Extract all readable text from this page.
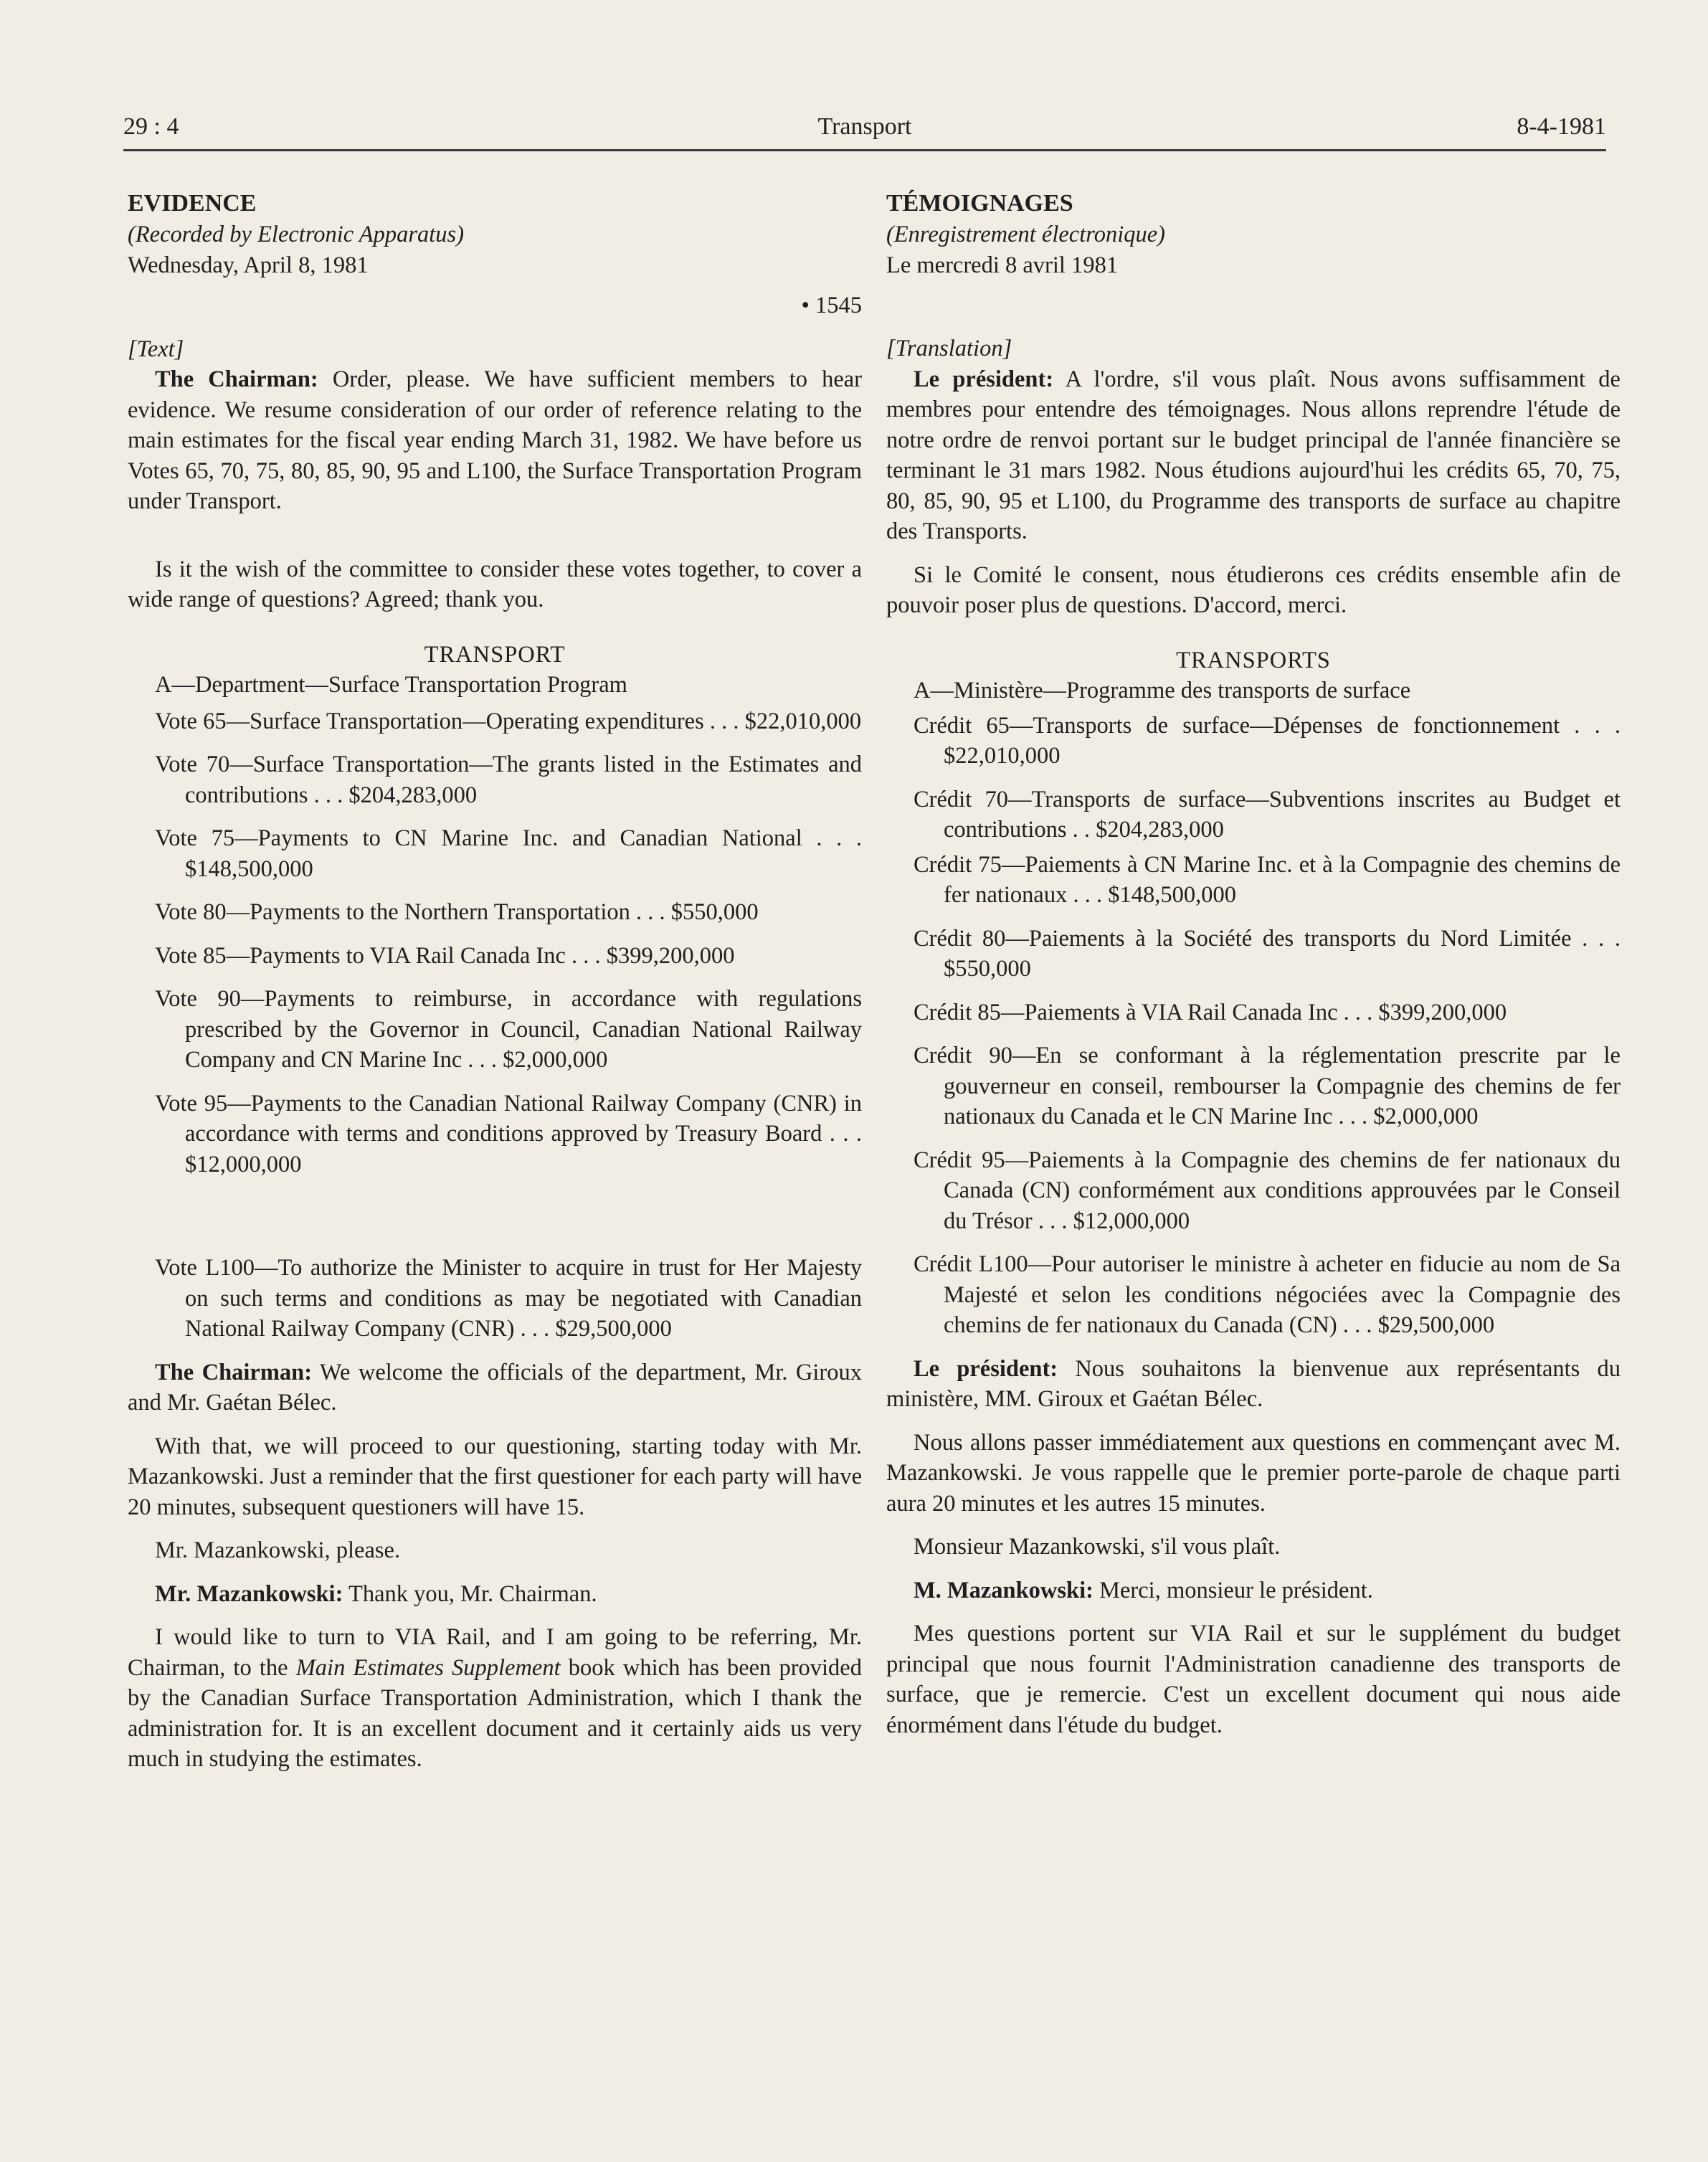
29 : 4	Transport	8-4-1981

EVIDENCE

(Recorded by Electronic Apparatus)

Wednesday, April 8, 1981

• 1545

[Text]

The Chairman: Order, please. We have sufficient members to hear evidence. We resume consideration of our order of reference relating to the main estimates for the fiscal year ending March 31, 1982. We have before us Votes 65, 70, 75, 80, 85, 90, 95 and L100, the Surface Transportation Program under Transport.

Is it the wish of the committee to consider these votes together, to cover a wide range of questions? Agreed; thank you.

TRANSPORT

A—Department—Surface Transportation Program

Vote 65—Surface Transportation—Operating expenditures . . . $22,010,000

Vote 70—Surface Transportation—The grants listed in the Estimates and contributions . . . $204,283,000

Vote 75—Payments to CN Marine Inc. and Canadian National . . . $148,500,000

Vote 80—Payments to the Northern Transportation . . . $550,000

Vote 85—Payments to VIA Rail Canada Inc . . . $399,200,000

Vote 90—Payments to reimburse, in accordance with regulations prescribed by the Governor in Council, Canadian National Railway Company and CN Marine Inc . . . $2,000,000

Vote 95—Payments to the Canadian National Railway Company (CNR) in accordance with terms and conditions approved by Treasury Board . . . $12,000,000

Vote L100—To authorize the Minister to acquire in trust for Her Majesty on such terms and conditions as may be negotiated with Canadian National Railway Company (CNR) . . . $29,500,000

The Chairman: We welcome the officials of the department, Mr. Giroux and Mr. Gaétan Bélec.

With that, we will proceed to our questioning, starting today with Mr. Mazankowski. Just a reminder that the first questioner for each party will have 20 minutes, subsequent questioners will have 15.

Mr. Mazankowski, please.

Mr. Mazankowski: Thank you, Mr. Chairman.

I would like to turn to VIA Rail, and I am going to be referring, Mr. Chairman, to the Main Estimates Supplement book which has been provided by the Canadian Surface Transportation Administration, which I thank the administration for. It is an excellent document and it certainly aids us very much in studying the estimates.

TÉMOIGNAGES

(Enregistrement électronique)

Le mercredi 8 avril 1981

[Translation]

Le président: A l'ordre, s'il vous plaît. Nous avons suffisamment de membres pour entendre des témoignages. Nous allons reprendre l'étude de notre ordre de renvoi portant sur le budget principal de l'année financière se terminant le 31 mars 1982. Nous étudions aujourd'hui les crédits 65, 70, 75, 80, 85, 90, 95 et L100, du Programme des transports de surface au chapitre des Transports.

Si le Comité le consent, nous étudierons ces crédits ensemble afin de pouvoir poser plus de questions. D'accord, merci.

TRANSPORTS

A—Ministère—Programme des transports de surface

Crédit 65—Transports de surface—Dépenses de fonctionnement . . . $22,010,000

Crédit 70—Transports de surface—Subventions inscrites au Budget et contributions . . $204,283,000

Crédit 75—Paiements à CN Marine Inc. et à la Compagnie des chemins de fer nationaux . . . $148,500,000

Crédit 80—Paiements à la Société des transports du Nord Limitée . . . $550,000

Crédit 85—Paiements à VIA Rail Canada Inc . . . $399,200,000

Crédit 90—En se conformant à la réglementation prescrite par le gouverneur en conseil, rembourser la Compagnie des chemins de fer nationaux du Canada et le CN Marine Inc . . . $2,000,000

Crédit 95—Paiements à la Compagnie des chemins de fer nationaux du Canada (CN) conformément aux conditions approuvées par le Conseil du Trésor . . . $12,000,000

Crédit L100—Pour autoriser le ministre à acheter en fiducie au nom de Sa Majesté et selon les conditions négociées avec la Compagnie des chemins de fer nationaux du Canada (CN) . . . $29,500,000

Le président: Nous souhaitons la bienvenue aux représentants du ministère, MM. Giroux et Gaétan Bélec.

Nous allons passer immédiatement aux questions en commençant avec M. Mazankowski. Je vous rappelle que le premier porte-parole de chaque parti aura 20 minutes et les autres 15 minutes.

Monsieur Mazankowski, s'il vous plaît.

M. Mazankowski: Merci, monsieur le président.

Mes questions portent sur VIA Rail et sur le supplément du budget principal que nous fournit l'Administration canadienne des transports de surface, que je remercie. C'est un excellent document qui nous aide énormément dans l'étude du budget.
